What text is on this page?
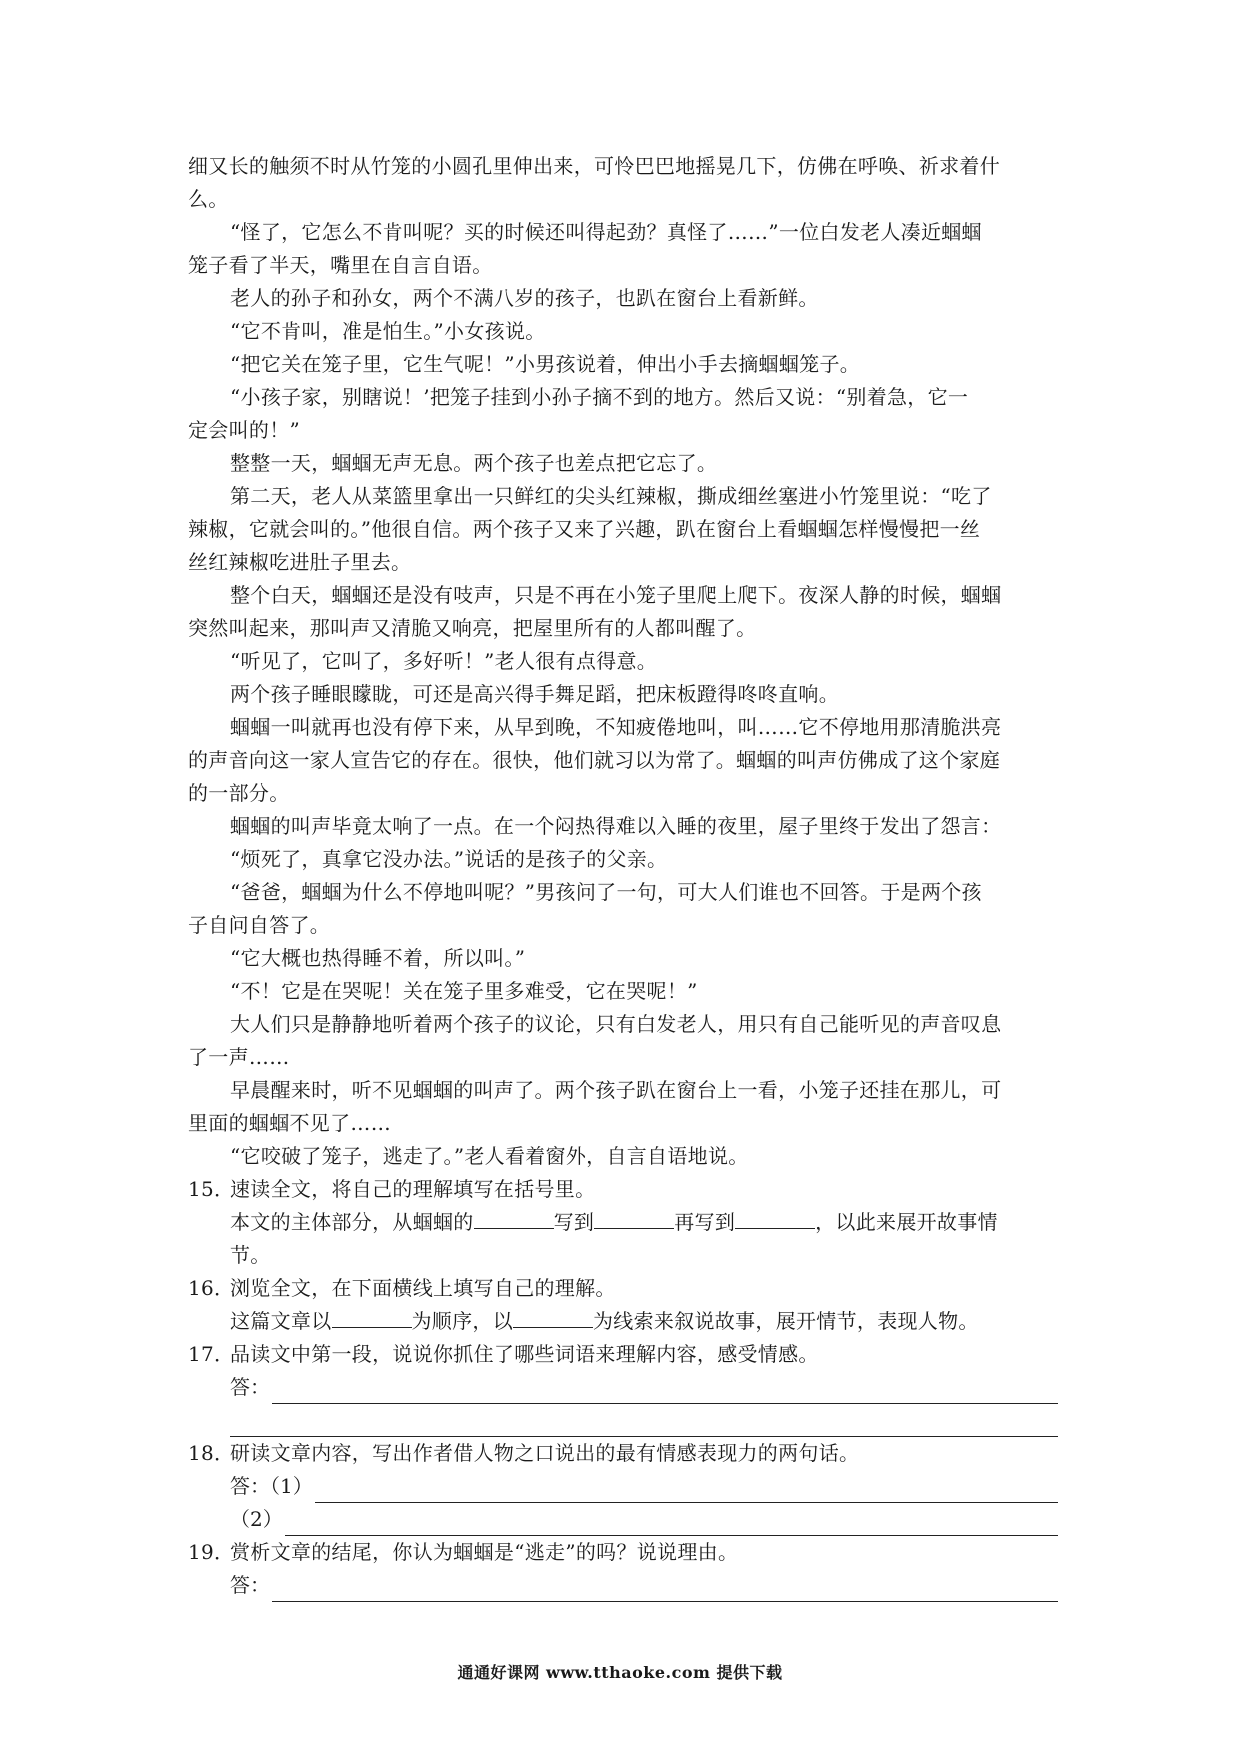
细又长的触须不时从竹笼的小圆孔里伸出来，可怜巴巴地摇晃几下，仿佛在呼唤、祈求着什
么。
“怪了，它怎么不肯叫呢？买的时候还叫得起劲？真怪了……”一位白发老人凑近蝈蝈
笼子看了半天，嘴里在自言自语。
老人的孙子和孙女，两个不满八岁的孩子，也趴在窗台上看新鲜。
“它不肯叫，准是怕生。”小女孩说。
“把它关在笼子里，它生气呢！”小男孩说着，伸出小手去摘蝈蝈笼子。
“小孩子家，别瞎说！’把笼子挂到小孙子摘不到的地方。然后又说：“别着急，它一
定会叫的！”
整整一天，蝈蝈无声无息。两个孩子也差点把它忘了。
第二天，老人从菜篮里拿出一只鲜红的尖头红辣椒，撕成细丝塞进小竹笼里说：“吃了
辣椒，它就会叫的。”他很自信。两个孩子又来了兴趣，趴在窗台上看蝈蝈怎样慢慢把一丝
丝红辣椒吃进肚子里去。
整个白天，蝈蝈还是没有吱声，只是不再在小笼子里爬上爬下。夜深人静的时候，蝈蝈
突然叫起来，那叫声又清脆又响亮，把屋里所有的人都叫醒了。
“听见了，它叫了，多好听！”老人很有点得意。
两个孩子睡眼矇眬，可还是高兴得手舞足蹈，把床板蹬得咚咚直响。
蝈蝈一叫就再也没有停下来，从早到晚，不知疲倦地叫，叫……它不停地用那清脆洪亮
的声音向这一家人宣告它的存在。很快，他们就习以为常了。蝈蝈的叫声仿佛成了这个家庭
的一部分。
蝈蝈的叫声毕竟太响了一点。在一个闷热得难以入睡的夜里，屋子里终于发出了怨言：
“烦死了，真拿它没办法。”说话的是孩子的父亲。
“爸爸，蝈蝈为什么不停地叫呢？”男孩问了一句，可大人们谁也不回答。于是两个孩
子自问自答了。
“它大概也热得睡不着，所以叫。”
“不！它是在哭呢！关在笼子里多难受，它在哭呢！”
大人们只是静静地听着两个孩子的议论，只有白发老人，用只有自己能听见的声音叹息
了一声……
早晨醒来时，听不见蝈蝈的叫声了。两个孩子趴在窗台上一看，小笼子还挂在那儿，可
里面的蝈蝈不见了……
“它咬破了笼子，逃走了。”老人看着窗外，自言自语地说。
15．
速读全文，将自己的理解填写在括号里。
本文的主体部分，从蝈蝈的	写到	再写到	，以此来展开故事情
节。
16．
浏览全文，在下面横线上填写自己的理解。
这篇文章以	为顺序，以	为线索来叙说故事，展开情节，表现人物。
17．
品读文中第一段，说说你抓住了哪些词语来理解内容，感受情感。
答：
18．
研读文章内容，写出作者借人物之口说出的最有情感表现力的两句话。
答：（1）
（2）
19．
赏析文章的结尾，你认为蝈蝈是“逃走”的吗？说说理由。
答：
通通好课网 www.tthaoke.com 提供下载
